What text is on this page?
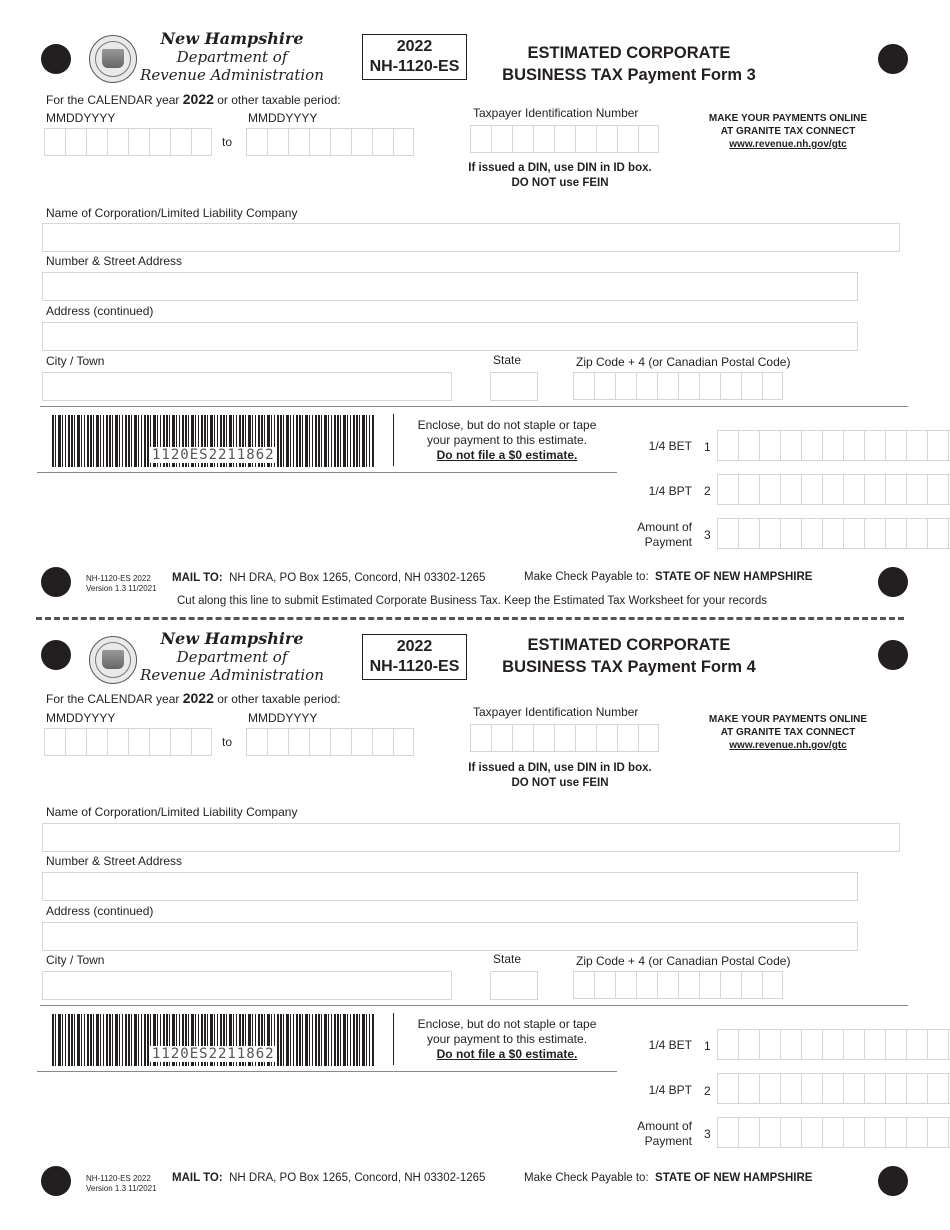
New Hampshire
Department of
Revenue Administration
2022
NH-1120-ES
ESTIMATED CORPORATE
BUSINESS TAX Payment Form 3
For the CALENDAR year 2022 or other taxable period:
MMDDYYYY	MMDDYYYY
to
Taxpayer Identification Number
If issued a DIN, use DIN in ID box.
DO NOT use FEIN
MAKE YOUR PAYMENTS ONLINE
AT GRANITE TAX CONNECT
www.revenue.nh.gov/gtc
Name of Corporation/Limited Liability Company
Number & Street Address
Address (continued)
City / Town	State	Zip Code + 4 (or Canadian Postal Code)
1120ES2211862
Enclose, but do not staple or tape
your payment to this estimate.
Do not file a $0 estimate.
1/4 BET 1
1/4 BPT 2
Amount of
Payment 3
NH-1120-ES 2022
Version 1.3 11/2021
MAIL TO: NH DRA, PO Box 1265, Concord, NH 03302-1265	Make Check Payable to: STATE OF NEW HAMPSHIRE
Cut along this line to submit Estimated Corporate Business Tax. Keep the Estimated Tax Worksheet for your records
New Hampshire
Department of
Revenue Administration
2022
NH-1120-ES
ESTIMATED CORPORATE
BUSINESS TAX Payment Form 4
For the CALENDAR year 2022 or other taxable period:
MMDDYYYY	MMDDYYYY
to
Taxpayer Identification Number
If issued a DIN, use DIN in ID box.
DO NOT use FEIN
MAKE YOUR PAYMENTS ONLINE
AT GRANITE TAX CONNECT
www.revenue.nh.gov/gtc
Name of Corporation/Limited Liability Company
Number & Street Address
Address (continued)
City / Town	State	Zip Code + 4 (or Canadian Postal Code)
1120ES2211862
Enclose, but do not staple or tape
your payment to this estimate.
Do not file a $0 estimate.
1/4 BET 1
1/4 BPT 2
Amount of
Payment 3
NH-1120-ES 2022
Version 1.3 11/2021
MAIL TO: NH DRA, PO Box 1265, Concord, NH 03302-1265	Make Check Payable to: STATE OF NEW HAMPSHIRE
